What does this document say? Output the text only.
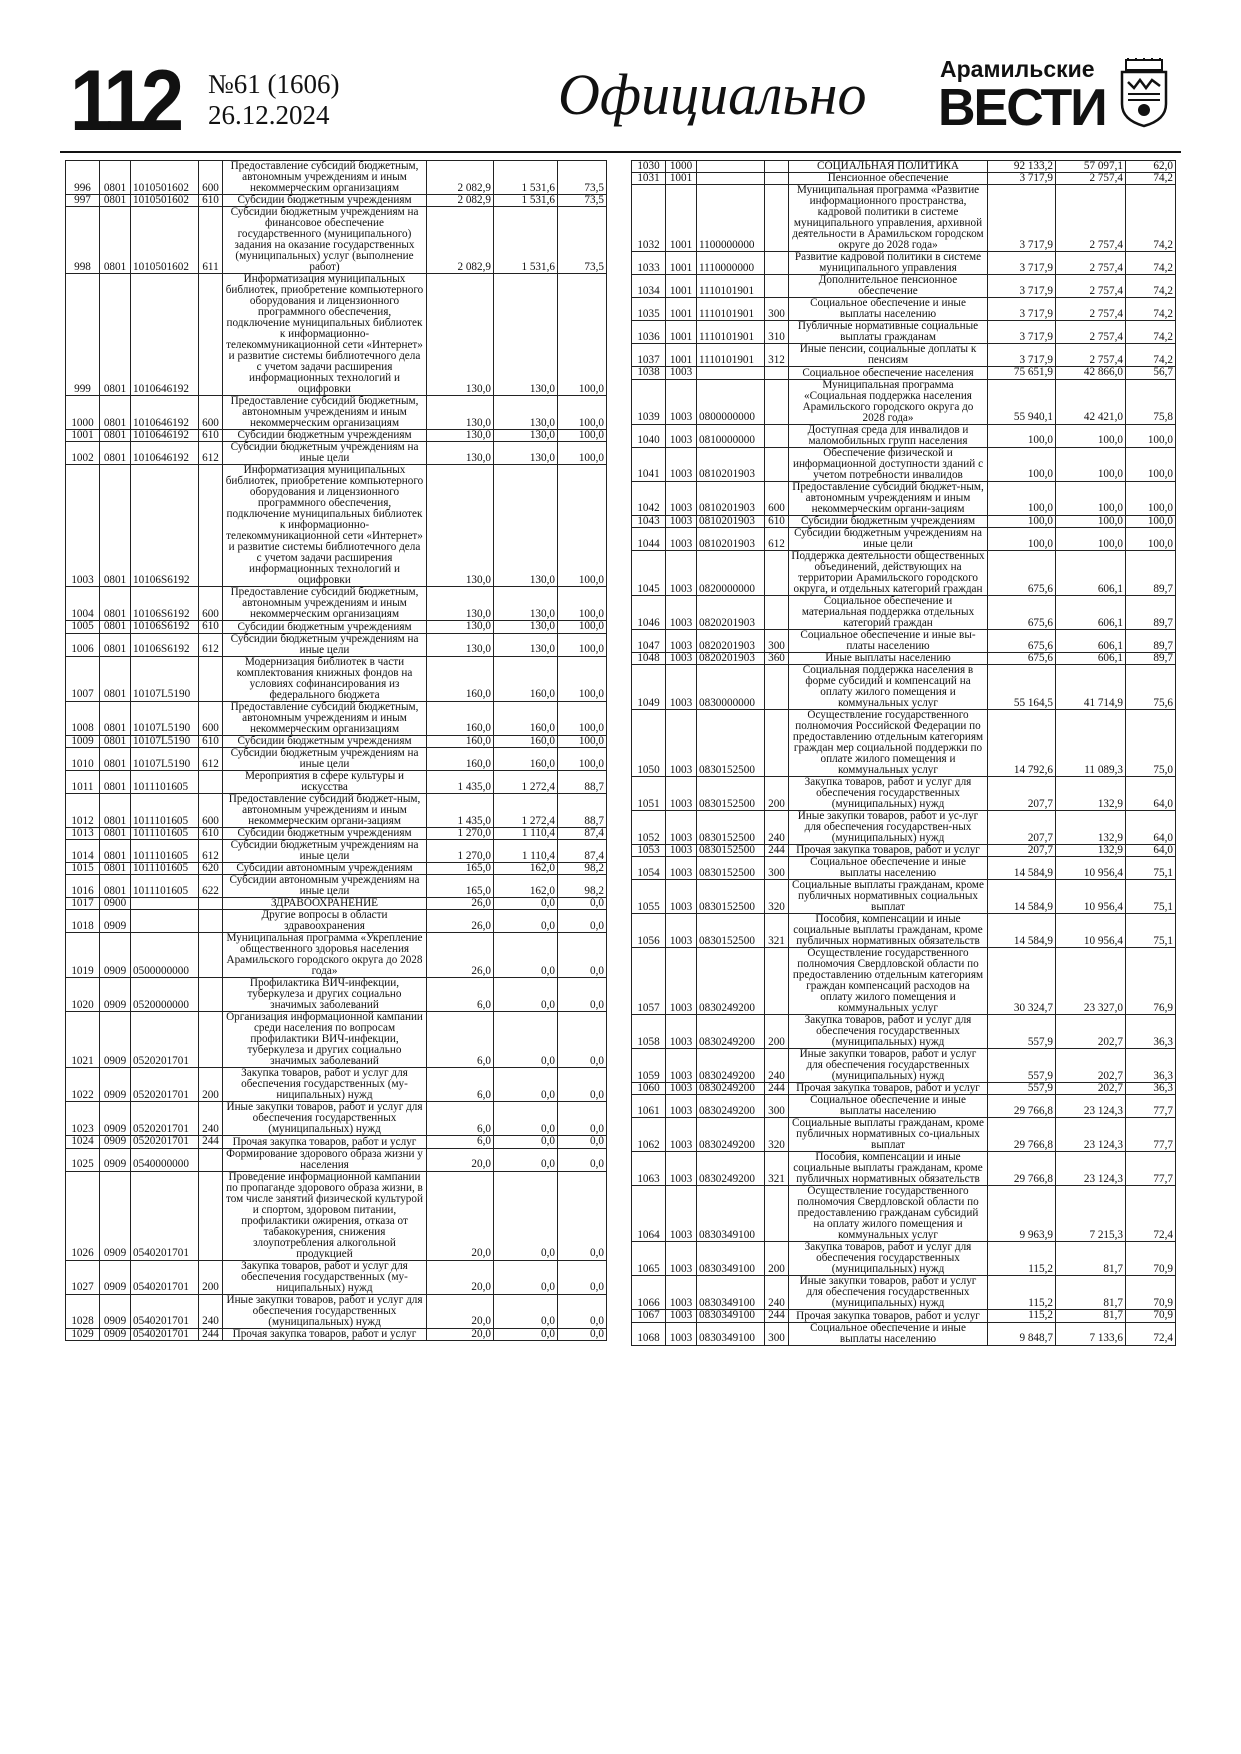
112 №61 (1606)
26.12.2024	Официально	Арамильские
ВЕСТИ
996	0801	1010501602	600	Предоставление субсидий бюджетным, автономным учреждениям и иным некоммерческим организациям	2 082,9	1 531,6	73,5
997	0801	1010501602	610	Субсидии бюджетным учреждениям	2 082,9	1 531,6	73,5
998	0801	1010501602	611	Субсидии бюджетным учреждениям на финансовое обеспечение государственного (муниципального) задания на оказание государственных (муниципальных) услуг (выполнение работ)	2 082,9	1 531,6	73,5
999	0801	1010646192		Информатизация муниципальных библиотек, приобретение компьютерного оборудования и лицензионного программного обеспечения, подключение муниципальных библиотек к информационно-телекоммуникационной сети «Интернет» и развитие системы библиотечного дела с учетом задачи расширения информационных технологий и оцифровки	130,0	130,0	100,0
1000	0801	1010646192	600	Предоставление субсидий бюджетным, автономным учреждениям и иным некоммерческим организациям	130,0	130,0	100,0
1001	0801	1010646192	610	Субсидии бюджетным учреждениям	130,0	130,0	100,0
1002	0801	1010646192	612	Субсидии бюджетным учреждениям на иные цели	130,0	130,0	100,0
1003	0801	10106S6192		Информатизация муниципальных библиотек, приобретение компьютерного оборудования и лицензионного программного обеспечения, подключение муниципальных библиотек к информационно-телекоммуникационной сети «Интернет» и развитие системы библиотечного дела с учетом задачи расширения информационных технологий и оцифровки	130,0	130,0	100,0
1004	0801	10106S6192	600	Предоставление субсидий бюджетным, автономным учреждениям и иным некоммерческим организациям	130,0	130,0	100,0
1005	0801	10106S6192	610	Субсидии бюджетным учреждениям	130,0	130,0	100,0
1006	0801	10106S6192	612	Субсидии бюджетным учреждениям на иные цели	130,0	130,0	100,0
1007	0801	10107L5190		Модернизация библиотек в части комплектования книжных фондов на условиях софинансирования из федерального бюджета	160,0	160,0	100,0
1008	0801	10107L5190	600	Предоставление субсидий бюджетным, автономным учреждениям и иным некоммерческим организациям	160,0	160,0	100,0
1009	0801	10107L5190	610	Субсидии бюджетным учреждениям	160,0	160,0	100,0
1010	0801	10107L5190	612	Субсидии бюджетным учреждениям на иные цели	160,0	160,0	100,0
1011	0801	1011101605		Мероприятия в сфере культуры и искусства	1 435,0	1 272,4	88,7
1012	0801	1011101605	600	Предоставление субсидий бюджет-ным, автономным учреждениям и иным некоммерческим органи-зациям	1 435,0	1 272,4	88,7
1013	0801	1011101605	610	Субсидии бюджетным учреждениям	1 270,0	1 110,4	87,4
1014	0801	1011101605	612	Субсидии бюджетным учреждениям на иные цели	1 270,0	1 110,4	87,4
1015	0801	1011101605	620	Субсидии автономным учреждениям	165,0	162,0	98,2
1016	0801	1011101605	622	Субсидии автономным учреждениям на иные цели	165,0	162,0	98,2
1017	0900			ЗДРАВООХРАНЕНИЕ	26,0	0,0	0,0
1018	0909			Другие вопросы в области здравоохранения	26,0	0,0	0,0
1019	0909	0500000000		Муниципальная программа «Укрепление общественного здоровья населения Арамильского городского округа до 2028 года»	26,0	0,0	0,0
1020	0909	0520000000		Профилактика ВИЧ-инфекции, туберкулеза и других социально значимых заболеваний	6,0	0,0	0,0
1021	0909	0520201701		Организация информационной кампании среди населения по вопросам профилактики ВИЧ-инфекции, туберкулеза и других социально значимых заболеваний	6,0	0,0	0,0
1022	0909	0520201701	200	Закупка товаров, работ и услуг для обеспечения государственных (му-ниципальных) нужд	6,0	0,0	0,0
1023	0909	0520201701	240	Иные закупки товаров, работ и услуг для обеспечения государственных (муниципальных) нужд	6,0	0,0	0,0
1024	0909	0520201701	244	Прочая закупка товаров, работ и услуг	6,0	0,0	0,0
1025	0909	0540000000		Формирование здорового образа жизни у населения	20,0	0,0	0,0
1026	0909	0540201701		Проведение информационной кампании по пропаганде здорового образа жизни, в том числе занятий физической культурой и спортом, здоровом питании, профилактики ожирения, отказа от табакокурения, снижения злоупотребления алкогольной продукцией	20,0	0,0	0,0
1027	0909	0540201701	200	Закупка товаров, работ и услуг для обеспечения государственных (му-ниципальных) нужд	20,0	0,0	0,0
1028	0909	0540201701	240	Иные закупки товаров, работ и услуг для обеспечения государственных (муниципальных) нужд	20,0	0,0	0,0
1029	0909	0540201701	244	Прочая закупка товаров, работ и услуг	20,0	0,0	0,0
1030	1000			СОЦИАЛЬНАЯ ПОЛИТИКА	92 133,2	57 097,1	62,0
1031	1001			Пенсионное обеспечение	3 717,9	2 757,4	74,2
1032	1001	1100000000		Муниципальная программа «Развитие информационного пространства, кадровой политики в системе муниципального управления, архивной деятельности в Арамильском городском округе до 2028 года»	3 717,9	2 757,4	74,2
1033	1001	1110000000		Развитие кадровой политики в системе муниципального управления	3 717,9	2 757,4	74,2
1034	1001	1110101901		Дополнительное пенсионное обеспечение	3 717,9	2 757,4	74,2
1035	1001	1110101901	300	Социальное обеспечение и иные выплаты населению	3 717,9	2 757,4	74,2
1036	1001	1110101901	310	Публичные нормативные социальные выплаты гражданам	3 717,9	2 757,4	74,2
1037	1001	1110101901	312	Иные пенсии, социальные доплаты к пенсиям	3 717,9	2 757,4	74,2
1038	1003			Социальное обеспечение населения	75 651,9	42 866,0	56,7
1039	1003	0800000000		Муниципальная программа «Социальная поддержка населения Арамильского городского округа до 2028 года»	55 940,1	42 421,0	75,8
1040	1003	0810000000		Доступная среда для инвалидов и маломобильных групп населения	100,0	100,0	100,0
1041	1003	0810201903		Обеспечение физической и информационной доступности зданий с учетом потребности инвалидов	100,0	100,0	100,0
1042	1003	0810201903	600	Предоставление субсидий бюджет-ным, автономным учреждениям и иным некоммерческим органи-зациям	100,0	100,0	100,0
1043	1003	0810201903	610	Субсидии бюджетным учреждениям	100,0	100,0	100,0
1044	1003	0810201903	612	Субсидии бюджетным учреждениям на иные цели	100,0	100,0	100,0
1045	1003	0820000000		Поддержка деятельности общественных объединений, действующих на территории Арамильского городского округа, и отдельных категорий граждан	675,6	606,1	89,7
1046	1003	0820201903		Социальное обеспечение и материальная поддержка отдельных категорий граждан	675,6	606,1	89,7
1047	1003	0820201903	300	Социальное обеспечение и иные вы-платы населению	675,6	606,1	89,7
1048	1003	0820201903	360	Иные выплаты населению	675,6	606,1	89,7
1049	1003	0830000000		Социальная поддержка населения в форме субсидий и компенсаций на оплату жилого помещения и коммунальных услуг	55 164,5	41 714,9	75,6
1050	1003	0830152500		Осуществление государственного полномочия Российской Федерации по предоставлению отдельным категориям граждан мер социальной поддержки по оплате жилого помещения и коммунальных услуг	14 792,6	11 089,3	75,0
1051	1003	0830152500	200	Закупка товаров, работ и услуг для обеспечения государственных (муниципальных) нужд	207,7	132,9	64,0
1052	1003	0830152500	240	Иные закупки товаров, работ и ус-луг для обеспечения государствен-ных (муниципальных) нужд	207,7	132,9	64,0
1053	1003	0830152500	244	Прочая закупка товаров, работ и услуг	207,7	132,9	64,0
1054	1003	0830152500	300	Социальное обеспечение и иные выплаты населению	14 584,9	10 956,4	75,1
1055	1003	0830152500	320	Социальные выплаты гражданам, кроме публичных нормативных социальных выплат	14 584,9	10 956,4	75,1
1056	1003	0830152500	321	Пособия, компенсации и иные социальные выплаты гражданам, кроме публичных нормативных обязательств	14 584,9	10 956,4	75,1
1057	1003	0830249200		Осуществление государственного полномочия Свердловской области по предоставлению отдельным категориям граждан компенсаций расходов на оплату жилого помещения и коммунальных услуг	30 324,7	23 327,0	76,9
1058	1003	0830249200	200	Закупка товаров, работ и услуг для обеспечения государственных (муниципальных) нужд	557,9	202,7	36,3
1059	1003	0830249200	240	Иные закупки товаров, работ и услуг для обеспечения государственных (муниципальных) нужд	557,9	202,7	36,3
1060	1003	0830249200	244	Прочая закупка товаров, работ и услуг	557,9	202,7	36,3
1061	1003	0830249200	300	Социальное обеспечение и иные выплаты населению	29 766,8	23 124,3	77,7
1062	1003	0830249200	320	Социальные выплаты гражданам, кроме публичных нормативных со-циальных выплат	29 766,8	23 124,3	77,7
1063	1003	0830249200	321	Пособия, компенсации и иные социальные выплаты гражданам, кроме публичных нормативных обязательств	29 766,8	23 124,3	77,7
1064	1003	0830349100		Осуществление государственного полномочия Свердловской области по предоставлению гражданам субсидий на оплату жилого помещения и коммунальных услуг	9 963,9	7 215,3	72,4
1065	1003	0830349100	200	Закупка товаров, работ и услуг для обеспечения государственных (муниципальных) нужд	115,2	81,7	70,9
1066	1003	0830349100	240	Иные закупки товаров, работ и услуг для обеспечения государственных (муниципальных) нужд	115,2	81,7	70,9
1067	1003	0830349100	244	Прочая закупка товаров, работ и услуг	115,2	81,7	70,9
1068	1003	0830349100	300	Социальное обеспечение и иные выплаты населению	9 848,7	7 133,6	72,4
